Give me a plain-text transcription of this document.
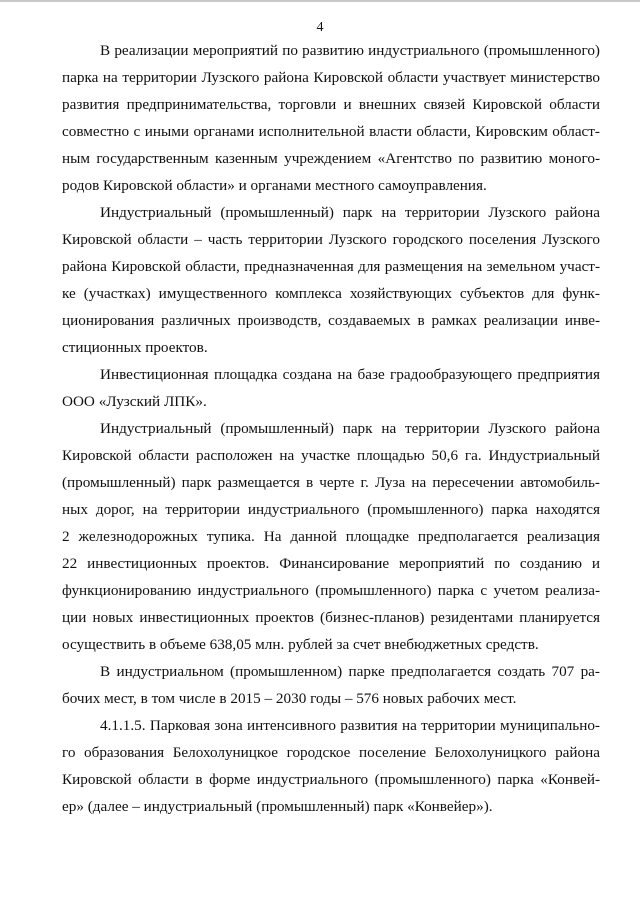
4

В реализации мероприятий по развитию индустриального (промышленного)
парка на территории Лузского района Кировской области участвует министерство
развития предпринимательства, торговли и внешних связей Кировской области
совместно с иными органами исполнительной власти области, Кировским област-
ным государственным казенным учреждением «Агентство по развитию моного-
родов Кировской области» и органами местного самоуправления.

Индустриальный (промышленный) парк на территории Лузского района
Кировской области – часть территории Лузского городского поселения Лузского
района Кировской области, предназначенная для размещения на земельном участ-
ке (участках) имущественного комплекса хозяйствующих субъектов для функ-
ционирования различных производств, создаваемых в рамках реализации инве-
стиционных проектов.

Инвестиционная площадка создана на базе градообразующего предприятия
ООО «Лузский ЛПК».

Индустриальный (промышленный) парк на территории Лузского района
Кировской области расположен на участке площадью 50,6 га. Индустриальный
(промышленный) парк размещается в черте г. Луза на пересечении автомобиль-
ных дорог, на территории индустриального (промышленного) парка находятся
2 железнодорожных тупика. На данной площадке предполагается реализация
22 инвестиционных проектов. Финансирование мероприятий по созданию и
функционированию индустриального (промышленного) парка с учетом реализа-
ции новых инвестиционных проектов (бизнес-планов) резидентами планируется
осуществить в объеме 638,05 млн. рублей за счет внебюджетных средств.

В индустриальном (промышленном) парке предполагается создать 707 ра-
бочих мест, в том числе в 2015 – 2030 годы – 576 новых рабочих мест.

4.1.1.5. Парковая зона интенсивного развития на территории муниципально-
го образования Белохолуницкое городское поселение Белохолуницкого района
Кировской области в форме индустриального (промышленного) парка «Конвей-
ер» (далее – индустриальный (промышленный) парк «Конвейер»).
